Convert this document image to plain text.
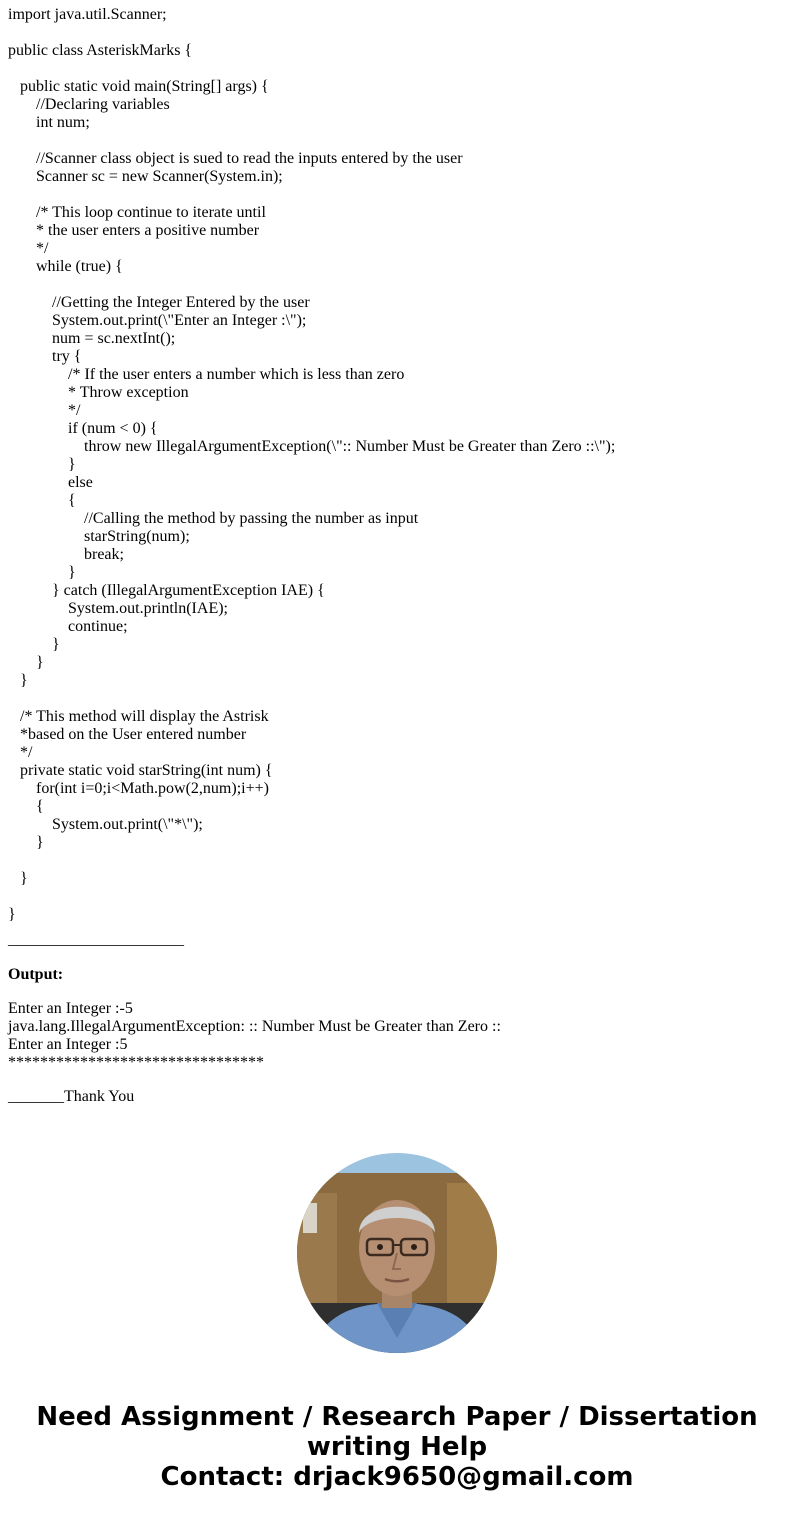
import java.util.Scanner;
public class AsteriskMarks {
public static void main(String[] args) {
//Declaring variables
int num;
//Scanner class object is sued to read the inputs entered by the user
Scanner sc = new Scanner(System.in);
/* This loop continue to iterate until
* the user enters a positive number
*/
while (true) {
//Getting the Integer Entered by the user
System.out.print(\"Enter an Integer :\");
num = sc.nextInt();
try {
/* If the user enters a number which is less than zero
* Throw exception
*/
if (num < 0) {
throw new IllegalArgumentException(\":: Number Must be Greater than Zero ::\");
}
else
{
//Calling the method by passing the number as input
starString(num);
break;
}
} catch (IllegalArgumentException IAE) {
System.out.println(IAE);
continue;
}
}
}
/* This method will display the Astrisk
*based on the User entered number
*/
private static void starString(int num) {
for(int i=0;i<Math.pow(2,num);i++)
{
System.out.print(\"*\");
}
}
}
______________________
Output:
Enter an Integer :-5
java.lang.IllegalArgumentException: :: Number Must be Greater than Zero ::
Enter an Integer :5
********************************
_______Thank You
Need Assignment / Research Paper / Dissertation
writing Help
Contact: drjack9650@gmail.com
